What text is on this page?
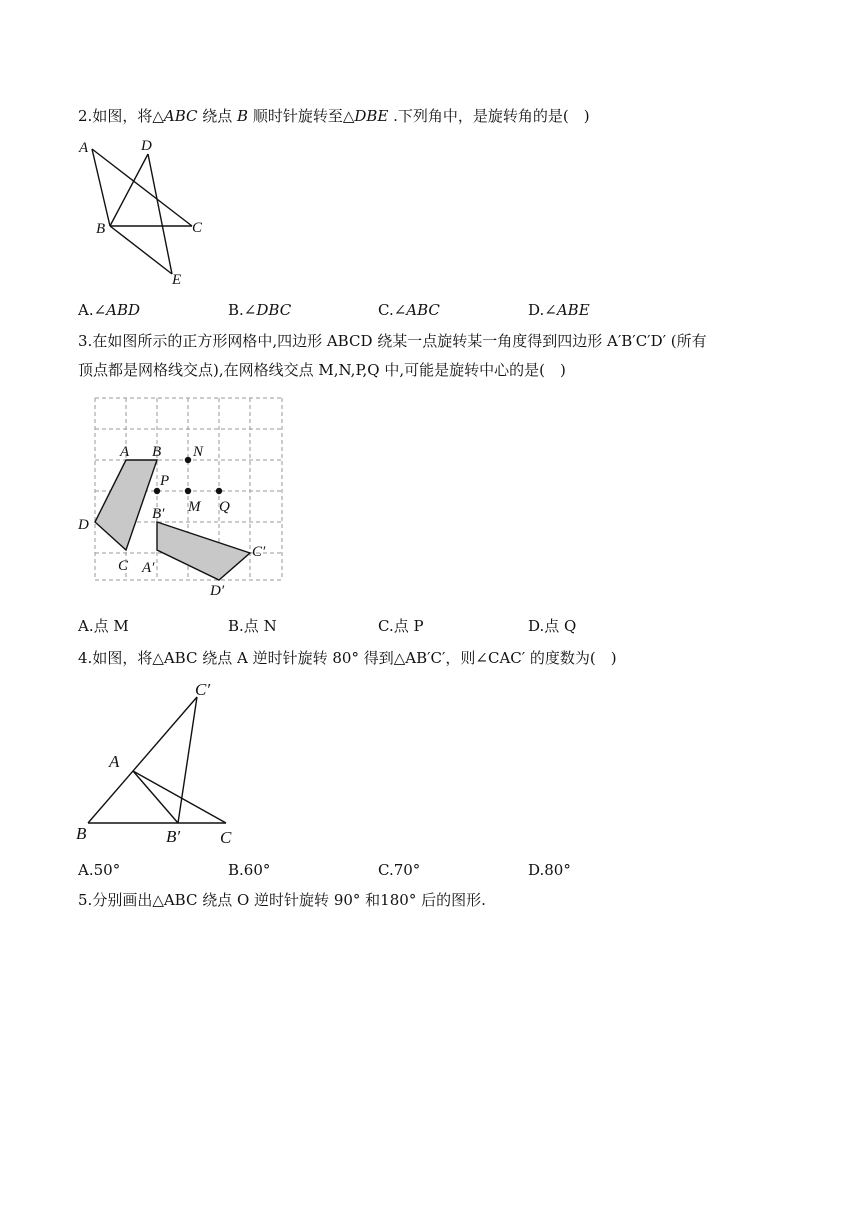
2.如图，将△ABC 绕点 B 顺时针旋转至△DBE .下列角中，是旋转角的是(　)
A	D
B	C
E
A.∠ABD	B.∠DBC	C.∠ABC	D.∠ABE
3.在如图所示的正方形网格中,四边形 ABCD 绕某一点旋转某一角度得到四边形 A′B′C′D′ (所有
顶点都是网格线交点),在网格线交点 M,N,P,Q 中,可能是旋转中心的是(　)
A B N
P
M Q
B′
D
C′
C A′
D′
A.点 M	B.点 N	C.点 P	D.点 Q
4.如图，将△ABC 绕点 A 逆时针旋转 80° 得到△AB′C′，则∠CAC′ 的度数为(　)
C′
A
B	B′ C
A.50°	B.60°	C.70°	D.80°
5.分别画出△ABC 绕点 O 逆时针旋转 90° 和180° 后的图形.
